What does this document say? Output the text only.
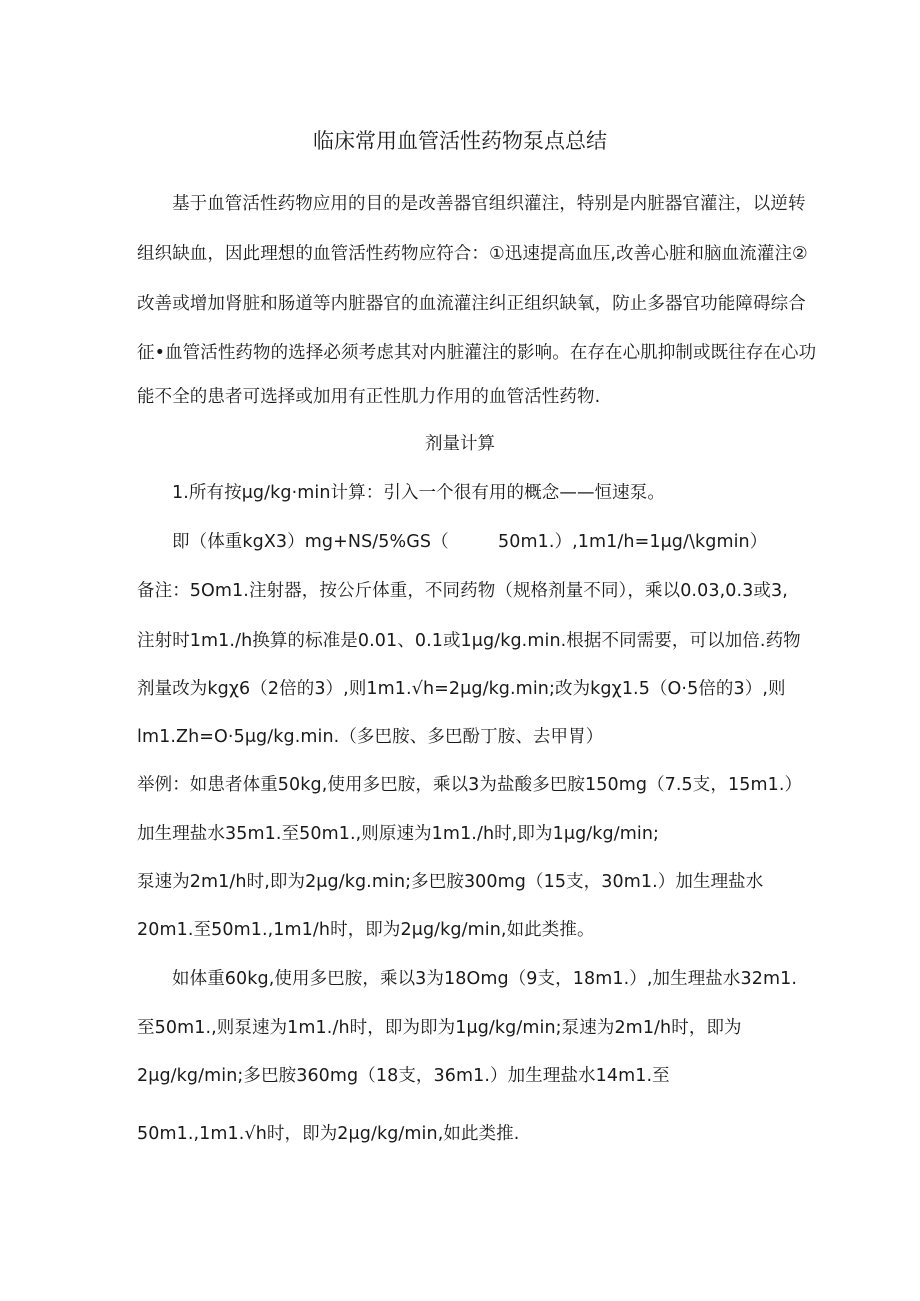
临床常用血管活性药物泵点总结
基于血管活性药物应用的目的是改善器官组织灌注，特别是内脏器官灌注，以逆转
组织缺血，因此理想的血管活性药物应符合：①迅速提高血压,改善心脏和脑血流灌注②
改善或增加肾脏和肠道等内脏器官的血流灌注纠正组织缺氧，防止多器官功能障碍综合
征•血管活性药物的选择必须考虑其对内脏灌注的影响。在存在心肌抑制或既往存在心功
能不全的患者可选择或加用有正性肌力作用的血管活性药物.
剂量计算
1.所有按μg∕kg·min计算：引入一个很有用的概念——恒速泵。
即（体重kgX3）mg+NS∕5%GS（	50m1.）,1m1∕h=1μg∕\kgmin）
备注：5Om1.注射器，按公斤体重，不同药物（规格剂量不同），乘以0.03,0.3或3,
注射时1m1./h换算的标准是0.01、0.1或1μg∕kg.min.根据不同需要，可以加倍.药物
剂量改为kgχ6（2倍的3）,则1m1.√h=2μg∕kg.min;改为kgχ1.5（O·5倍的3）,则
lm1.Zh=O·5μg∕kg.min.（多巴胺、多巴酚丁胺、去甲胃）
举例：如患者体重50kg,使用多巴胺，乘以3为盐酸多巴胺150mg（7.5支，15m1.）
加生理盐水35m1.至50m1.,则原速为1m1./h时,即为1μg∕kg∕min;
泵速为2m1∕h时,即为2μg∕kg.min;多巴胺300mg（15支，30m1.）加生理盐水
20m1.至50m1.,1m1∕h时，即为2μg∕kg∕min,如此类推。
如体重60kg,使用多巴胺，乘以3为18Omg（9支，18m1.）,加生理盐水32m1.
至50m1.,则泵速为1m1./h时，即为即为1μg∕kg∕min;泵速为2m1∕h时，即为
2μg∕kg∕min;多巴胺360mg（18支，36m1.）加生理盐水14m1.至
50m1.,1m1.√h时，即为2μg∕kg∕min,如此类推.
